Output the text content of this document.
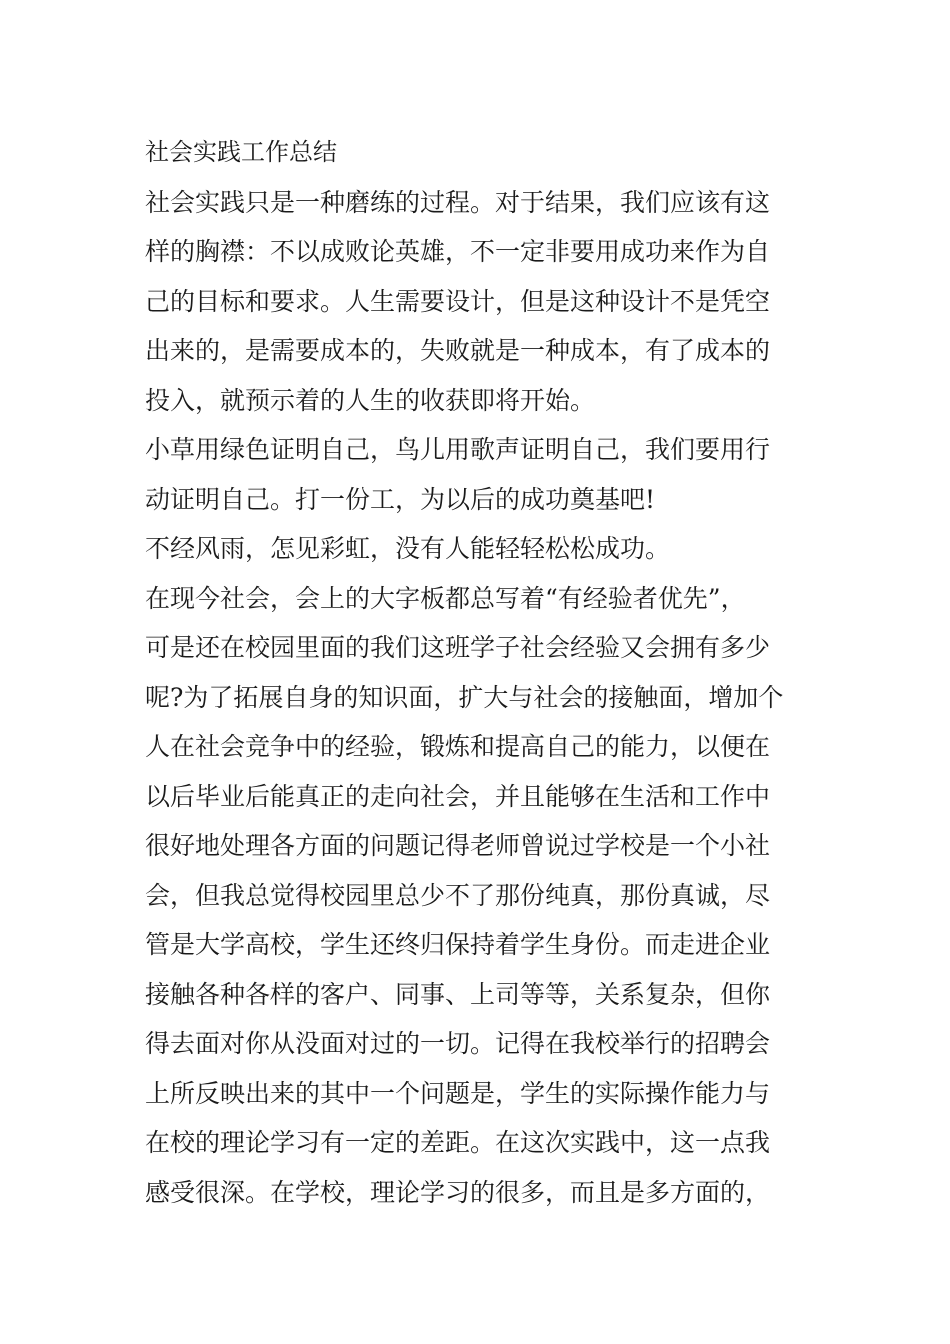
社会实践工作总结
社会实践只是一种磨练的过程。对于结果，我们应该有这
样的胸襟：不以成败论英雄，不一定非要用成功来作为自
己的目标和要求。人生需要设计，但是这种设计不是凭空
出来的，是需要成本的，失败就是一种成本，有了成本的
投入，就预示着的人生的收获即将开始。
小草用绿色证明自己，鸟儿用歌声证明自己，我们要用行
动证明自己。打一份工，为以后的成功奠基吧!
不经风雨，怎见彩虹，没有人能轻轻松松成功。
在现今社会，会上的大字板都总写着“有经验者优先”，
可是还在校园里面的我们这班学子社会经验又会拥有多少
呢?为了拓展自身的知识面，扩大与社会的接触面，增加个
人在社会竞争中的经验，锻炼和提高自己的能力，以便在
以后毕业后能真正的走向社会，并且能够在生活和工作中
很好地处理各方面的问题记得老师曾说过学校是一个小社
会，但我总觉得校园里总少不了那份纯真，那份真诚，尽
管是大学高校，学生还终归保持着学生身份。而走进企业
接触各种各样的客户、同事、上司等等，关系复杂，但你
得去面对你从没面对过的一切。记得在我校举行的招聘会
上所反映出来的其中一个问题是，学生的实际操作能力与
在校的理论学习有一定的差距。在这次实践中，这一点我
感受很深。在学校，理论学习的很多，而且是多方面的，
